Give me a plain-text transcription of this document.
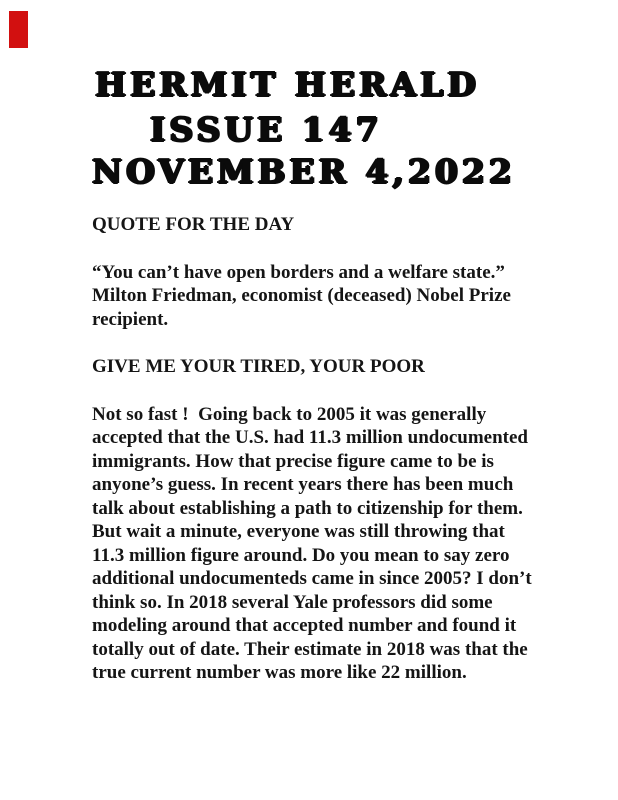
HERMIT HERALD
ISSUE 147
NOVEMBER 4,2022
QUOTE FOR THE DAY

“You can’t have open borders and a welfare state.” Milton Friedman, economist (deceased) Nobel Prize recipient.

GIVE ME YOUR TIRED, YOUR POOR

Not so fast !  Going back to 2005 it was generally accepted that the U.S. had 11.3 million undocumented immigrants. How that precise figure came to be is anyone’s guess. In recent years there has been much talk about establishing a path to citizenship for them. But wait a minute, everyone was still throwing that 11.3 million figure around. Do you mean to say zero additional undocumenteds came in since 2005? I don’t think so. In 2018 several Yale professors did some modeling around that accepted number and found it totally out of date. Their estimate in 2018 was that the true current number was more like 22 million.
